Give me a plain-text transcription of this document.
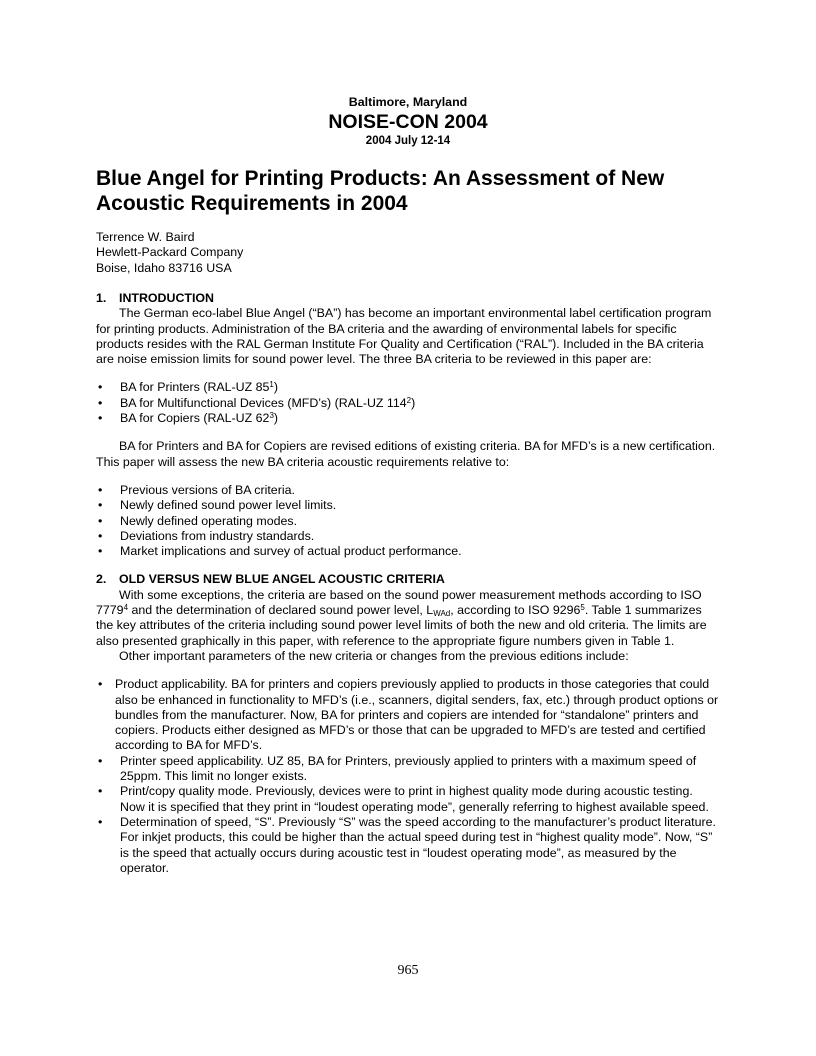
Baltimore, Maryland
NOISE-CON 2004
2004 July 12-14
Blue Angel for Printing Products: An Assessment of New Acoustic Requirements in 2004
Terrence W. Baird
Hewlett-Packard Company
Boise, Idaho 83716 USA
1.	INTRODUCTION

The German eco-label Blue Angel (“BA”) has become an important environmental label certification program for printing products. Administration of the BA criteria and the awarding of environmental labels for specific products resides with the RAL German Institute For Quality and Certification (“RAL”). Included in the BA criteria are noise emission limits for sound power level. The three BA criteria to be reviewed in this paper are:

• BA for Printers (RAL-UZ $85^1$)
• BA for Multifunctional Devices (MFD’s) (RAL-UZ $114^2$)
• BA for Copiers (RAL-UZ $62^3$)

BA for Printers and BA for Copiers are revised editions of existing criteria. BA for MFD’s is a new certification. This paper will assess the new BA criteria acoustic requirements relative to:

• Previous versions of BA criteria.
• Newly defined sound power level limits.
• Newly defined operating modes.
• Deviations from industry standards.
• Market implications and survey of actual product performance.
2.	OLD VERSUS NEW BLUE ANGEL ACOUSTIC CRITERIA

With some exceptions, the criteria are based on the sound power measurement methods according to ISO 7779$^4$ and the determination of declared sound power level, $L_{WAd}$, according to ISO 9296$^5$. Table 1 summarizes the key attributes of the criteria including sound power level limits of both the new and old criteria. The limits are also presented graphically in this paper, with reference to the appropriate figure numbers given in Table 1.

Other important parameters of the new criteria or changes from the previous editions include:

• Product applicability. BA for printers and copiers previously applied to products in those categories that could also be enhanced in functionality to MFD’s (i.e., scanners, digital senders, fax, etc.) through product options or bundles from the manufacturer. Now, BA for printers and copiers are intended for “standalone” printers and copiers. Products either designed as MFD’s or those that can be upgraded to MFD’s are tested and certified according to BA for MFD’s.
• Printer speed applicability. UZ 85, BA for Printers, previously applied to printers with a maximum speed of 25ppm. This limit no longer exists.
• Print/copy quality mode. Previously, devices were to print in highest quality mode during acoustic testing. Now it is specified that they print in “loudest operating mode”, generally referring to highest available speed.
• Determination of speed, “S”. Previously “S” was the speed according to the manufacturer’s product literature. For inkjet products, this could be higher than the actual speed during test in “highest quality mode”. Now, “S” is the speed that actually occurs during acoustic test in “loudest operating mode”, as measured by the operator.
965
